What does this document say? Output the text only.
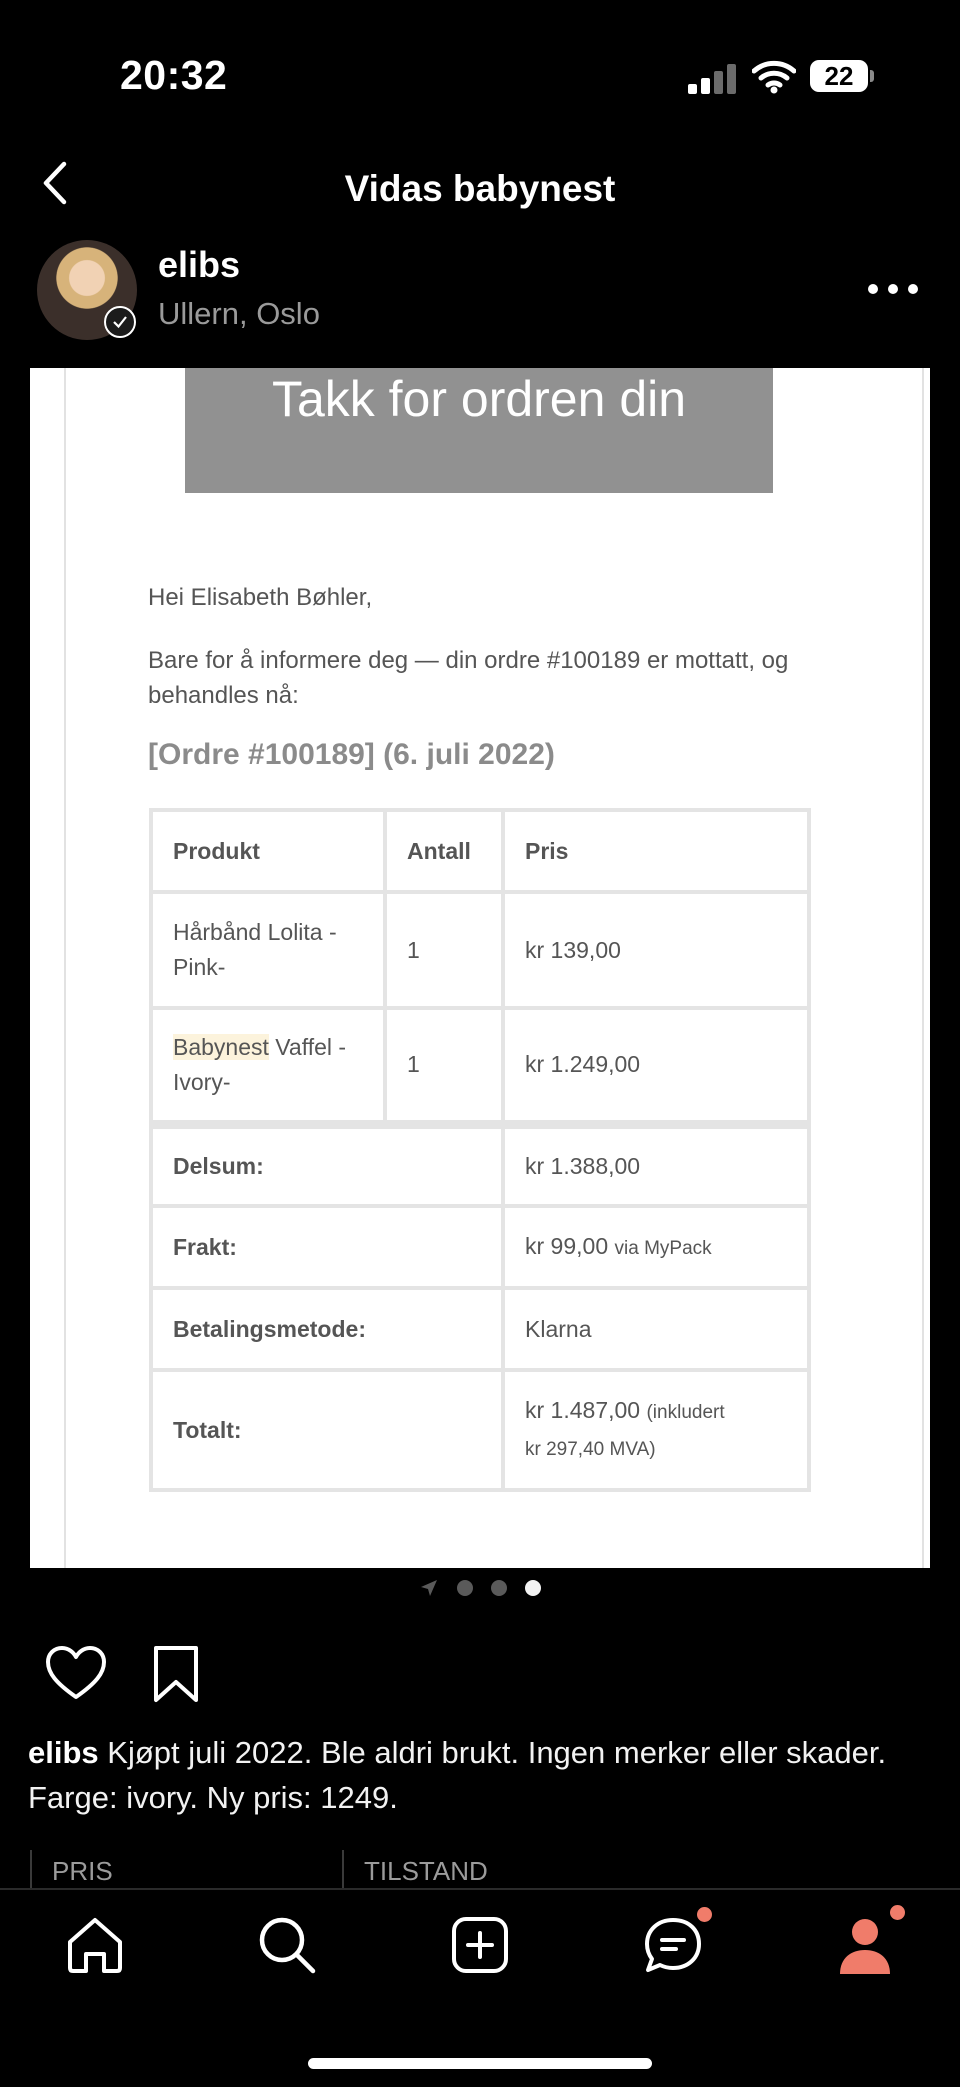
20:32	22
Vidas babynest
elibs
Ullern, Oslo
Takk for ordren din
Hei Elisabeth Bøhler,
Bare for å informere deg — din ordre #100189 er mottatt, og behandles nå:
[Ordre #100189] (6. juli 2022)
Produkt	Antall	Pris
Hårbånd Lolita -Pink-	1	kr 139,00
Babynest Vaffel -Ivory-	1	kr 1.249,00
Delsum:		kr 1.388,00
Frakt:		kr 99,00 via MyPack
Betalingsmetode:		Klarna
Totalt:		kr 1.487,00 (inkludert
kr 297,40 MVA)
elibs Kjøpt juli 2022. Ble aldri brukt. Ingen merker eller skader. Farge: ivory. Ny pris: 1249.
PRIS	TILSTAND
